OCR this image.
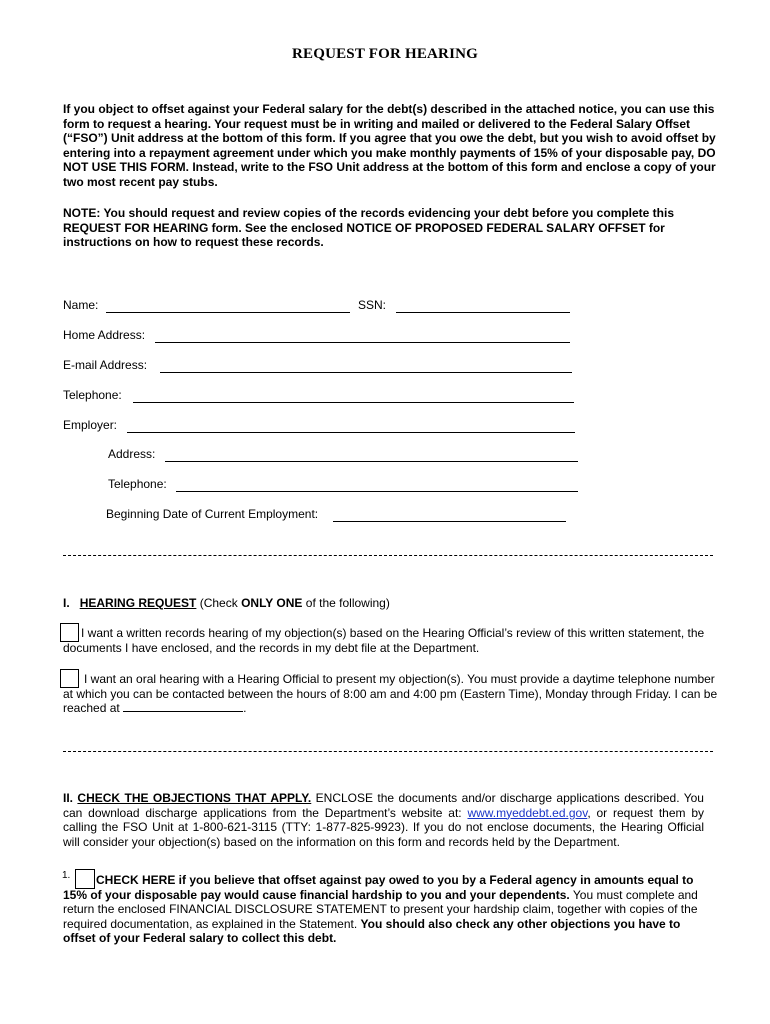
REQUEST FOR HEARING
If you object to offset against your Federal salary for the debt(s) described in the attached notice, you can use this form to request a hearing. Your request must be in writing and mailed or delivered to the Federal Salary Offset (“FSO”) Unit address at the bottom of this form. If you agree that you owe the debt, but you wish to avoid offset by entering into a repayment agreement under which you make monthly payments of 15% of your disposable pay, DO NOT USE THIS FORM. Instead, write to the FSO Unit address at the bottom of this form and enclose a copy of your two most recent pay stubs.
NOTE: You should request and review copies of the records evidencing your debt before you complete this REQUEST FOR HEARING form. See the enclosed NOTICE OF PROPOSED FEDERAL SALARY OFFSET for instructions on how to request these records.
Name:	SSN:
Home Address:
E-mail Address:
Telephone:
Employer:
Address:
Telephone:
Beginning Date of Current Employment:
I. HEARING REQUEST (Check ONLY ONE of the following)
I want a written records hearing of my objection(s) based on the Hearing Official’s review of this written statement, the documents I have enclosed, and the records in my debt file at the Department.
I want an oral hearing with a Hearing Official to present my objection(s). You must provide a daytime telephone number at which you can be contacted between the hours of 8:00 am and 4:00 pm (Eastern Time), Monday through Friday. I can be reached at	.
II. CHECK THE OBJECTIONS THAT APPLY. ENCLOSE the documents and/or discharge applications described. You can download discharge applications from the Department’s website at: www.myeddebt.ed.gov, or request them by calling the FSO Unit at 1-800-621-3115 (TTY: 1-877-825-9923). If you do not enclose documents, the Hearing Official will consider your objection(s) based on the information on this form and records held by the Department.
1.	CHECK HERE if you believe that offset against pay owed to you by a Federal agency in amounts equal to 15% of your disposable pay would cause financial hardship to you and your dependents. You must complete and return the enclosed FINANCIAL DISCLOSURE STATEMENT to present your hardship claim, together with copies of the required documentation, as explained in the Statement. You should also check any other objections you have to offset of your Federal salary to collect this debt.
